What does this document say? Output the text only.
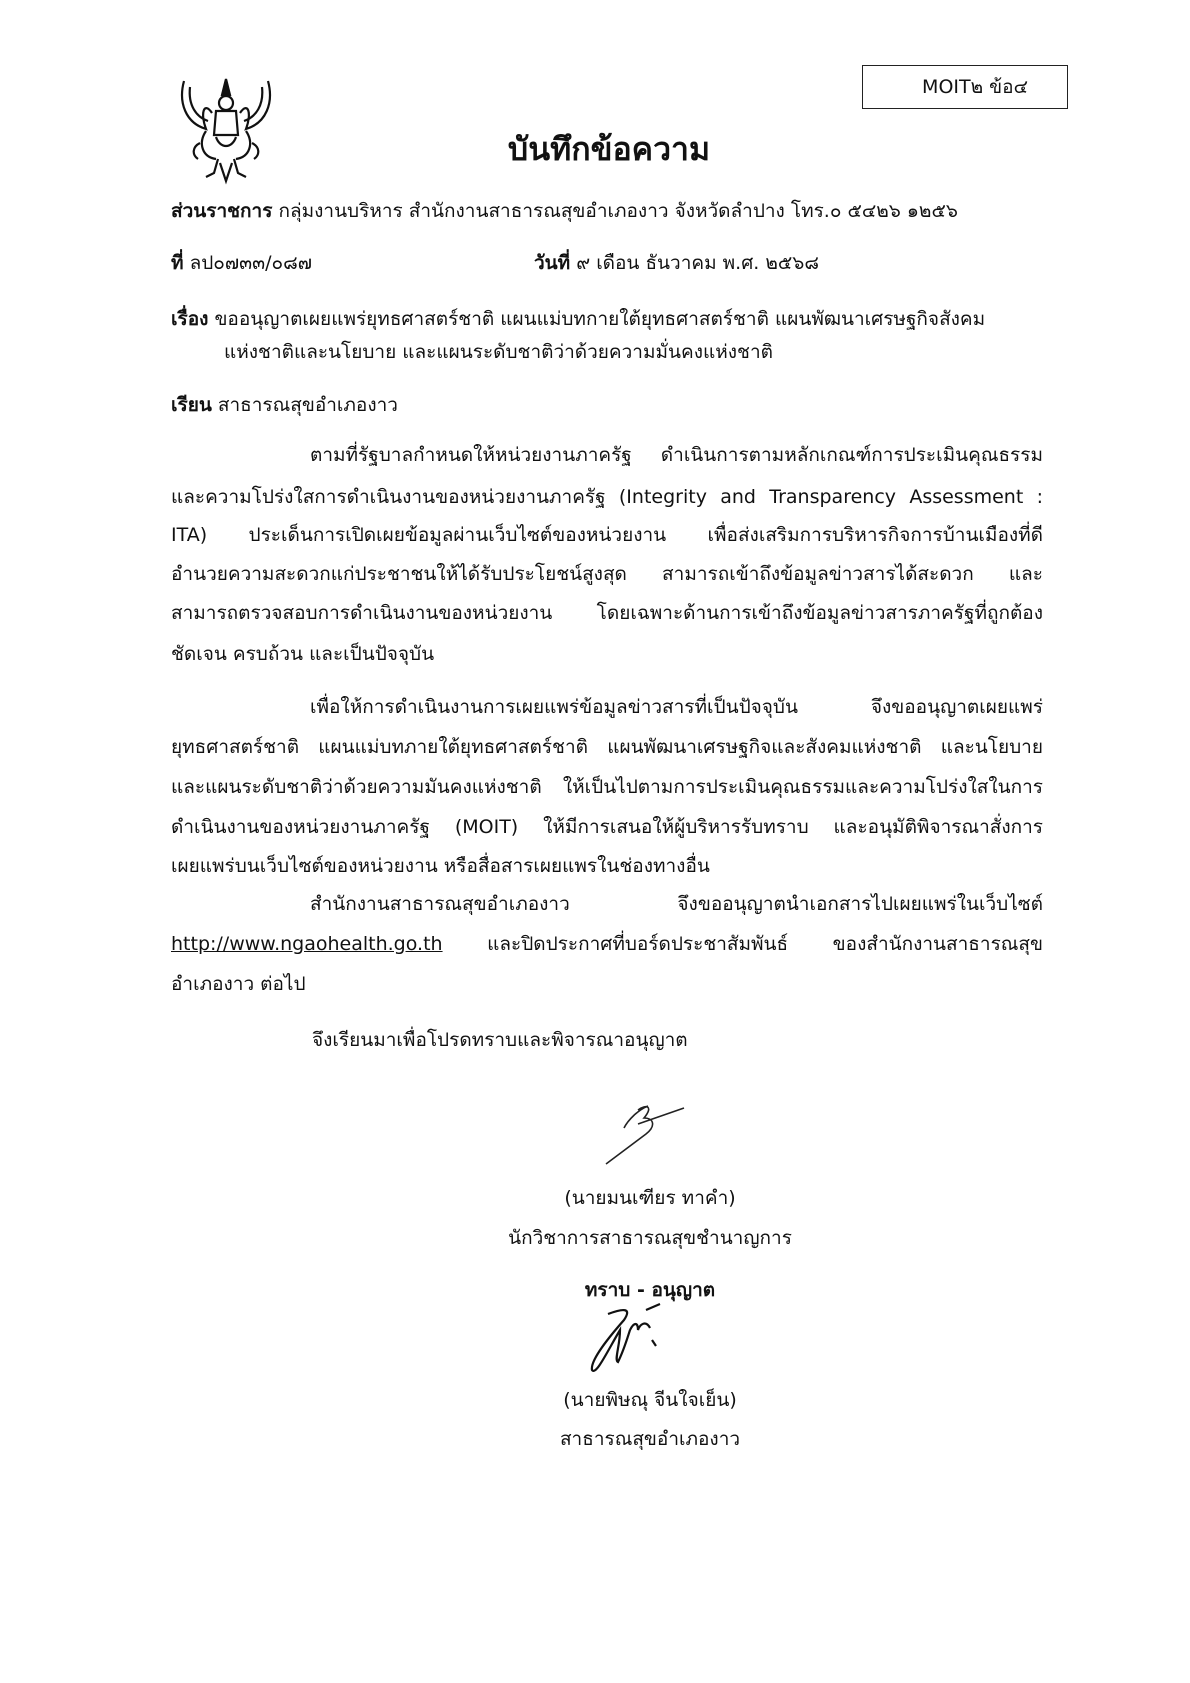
MOIT๒ ข้อ๔
บันทึกข้อความ
ส่วนราชการ กลุ่มงานบริหาร สำนักงานสาธารณสุขอำเภองาว จังหวัดลำปาง โทร.๐ ๕๔๒๖ ๑๒๕๖
ที่ ลป๐๗๓๓/๐๘๗	วันที่ ๙ เดือน ธันวาคม พ.ศ. ๒๕๖๘
เรื่อง ขออนุญาตเผยแพร่ยุทธศาสตร์ชาติ แผนแม่บทกายใต้ยุทธศาสตร์ชาติ แผนพัฒนาเศรษฐกิจสังคม
แห่งชาติและนโยบาย และแผนระดับชาติว่าด้วยความมั่นคงแห่งชาติ
เรียน สาธารณสุขอำเภองาว
ตามที่รัฐบาลกำหนดให้หน่วยงานภาครัฐ ดำเนินการตามหลักเกณฑ์การประเมินคุณธรรม
และความโปร่งใสการดำเนินงานของหน่วยงานภาครัฐ (Integrity and Transparency Assessment :
ITA) ประเด็นการเปิดเผยข้อมูลผ่านเว็บไซต์ของหน่วยงาน เพื่อส่งเสริมการบริหารกิจการบ้านเมืองที่ดี
อำนวยความสะดวกแก่ประชาชนให้ได้รับประโยชน์สูงสุด สามารถเข้าถึงข้อมูลข่าวสารได้สะดวก และ
สามารถตรวจสอบการดำเนินงานของหน่วยงาน โดยเฉพาะด้านการเข้าถึงข้อมูลข่าวสารภาครัฐที่ถูกต้อง
ชัดเจน ครบถ้วน และเป็นปัจจุบัน
เพื่อให้การดำเนินงานการเผยแพร่ข้อมูลข่าวสารที่เป็นปัจจุบัน จึงขออนุญาตเผยแพร่
ยุทธศาสตร์ชาติ แผนแม่บทภายใต้ยุทธศาสตร์ชาติ แผนพัฒนาเศรษฐกิจและสังคมแห่งชาติ และนโยบาย
และแผนระดับชาติว่าด้วยความมันคงแห่งชาติ ให้เป็นไปตามการประเมินคุณธรรมและความโปร่งใสในการ
ดำเนินงานของหน่วยงานภาครัฐ (MOIT) ให้มีการเสนอให้ผู้บริหารรับทราบ และอนุมัติพิจารณาสั่งการ
เผยแพร่บนเว็บไซต์ของหน่วยงาน หรือสื่อสารเผยแพรในช่องทางอื่น
สำนักงานสาธารณสุขอำเภองาว จึงขออนุญาตนำเอกสารไปเผยแพร่ในเว็บไซต์
http://www.ngaohealth.go.th และปิดประกาศที่บอร์ดประชาสัมพันธ์ ของสำนักงานสาธารณสุข
อำเภองาว ต่อไป
จึงเรียนมาเพื่อโปรดทราบและพิจารณาอนุญาต
(นายมนเฑียร ทาคำ)
นักวิชาการสาธารณสุขชำนาญการ
ทราบ - อนุญาต
(นายพิษณุ จีนใจเย็น)
สาธารณสุขอำเภองาว
